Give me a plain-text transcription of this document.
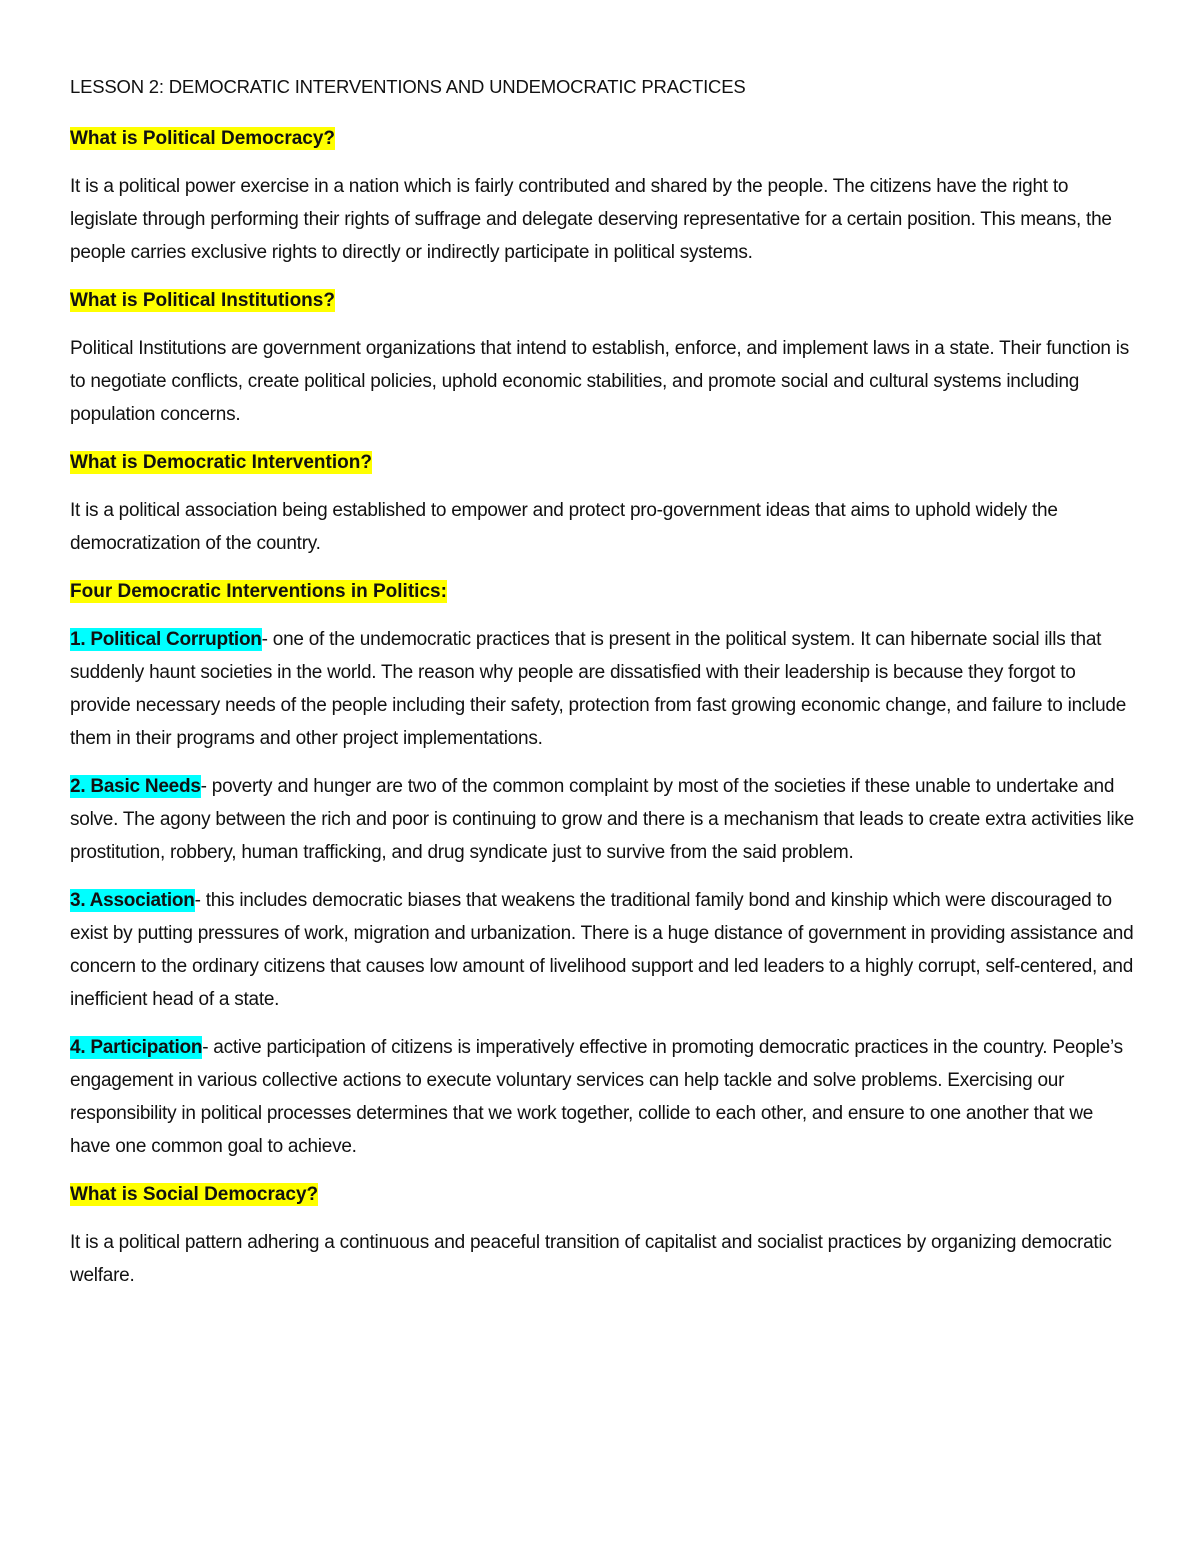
LESSON 2: DEMOCRATIC INTERVENTIONS AND UNDEMOCRATIC PRACTICES

What is Political Democracy?

It is a political power exercise in a nation which is fairly contributed and shared by the people. The citizens have the right to legislate through performing their rights of suffrage and delegate deserving representative for a certain position. This means, the people carries exclusive rights to directly or indirectly participate in political systems.

What is Political Institutions?

Political Institutions are government organizations that intend to establish, enforce, and implement laws in a state. Their function is to negotiate conflicts, create political policies, uphold economic stabilities, and promote social and cultural systems including population concerns.

What is Democratic Intervention?

It is a political association being established to empower and protect pro-government ideas that aims to uphold widely the democratization of the country.

Four Democratic Interventions in Politics:

1. Political Corruption- one of the undemocratic practices that is present in the political system. It can hibernate social ills that suddenly haunt societies in the world. The reason why people are dissatisfied with their leadership is because they forgot to provide necessary needs of the people including their safety, protection from fast growing economic change, and failure to include them in their programs and other project implementations.

2. Basic Needs- poverty and hunger are two of the common complaint by most of the societies if these unable to undertake and solve. The agony between the rich and poor is continuing to grow and there is a mechanism that leads to create extra activities like prostitution, robbery, human trafficking, and drug syndicate just to survive from the said problem.

3. Association- this includes democratic biases that weakens the traditional family bond and kinship which were discouraged to exist by putting pressures of work, migration and urbanization. There is a huge distance of government in providing assistance and concern to the ordinary citizens that causes low amount of livelihood support and led leaders to a highly corrupt, self-centered, and inefficient head of a state.

4. Participation- active participation of citizens is imperatively effective in promoting democratic practices in the country. People’s engagement in various collective actions to execute voluntary services can help tackle and solve problems. Exercising our responsibility in political processes determines that we work together, collide to each other, and ensure to one another that we have one common goal to achieve.

What is Social Democracy?

It is a political pattern adhering a continuous and peaceful transition of capitalist and socialist practices by organizing democratic welfare.
